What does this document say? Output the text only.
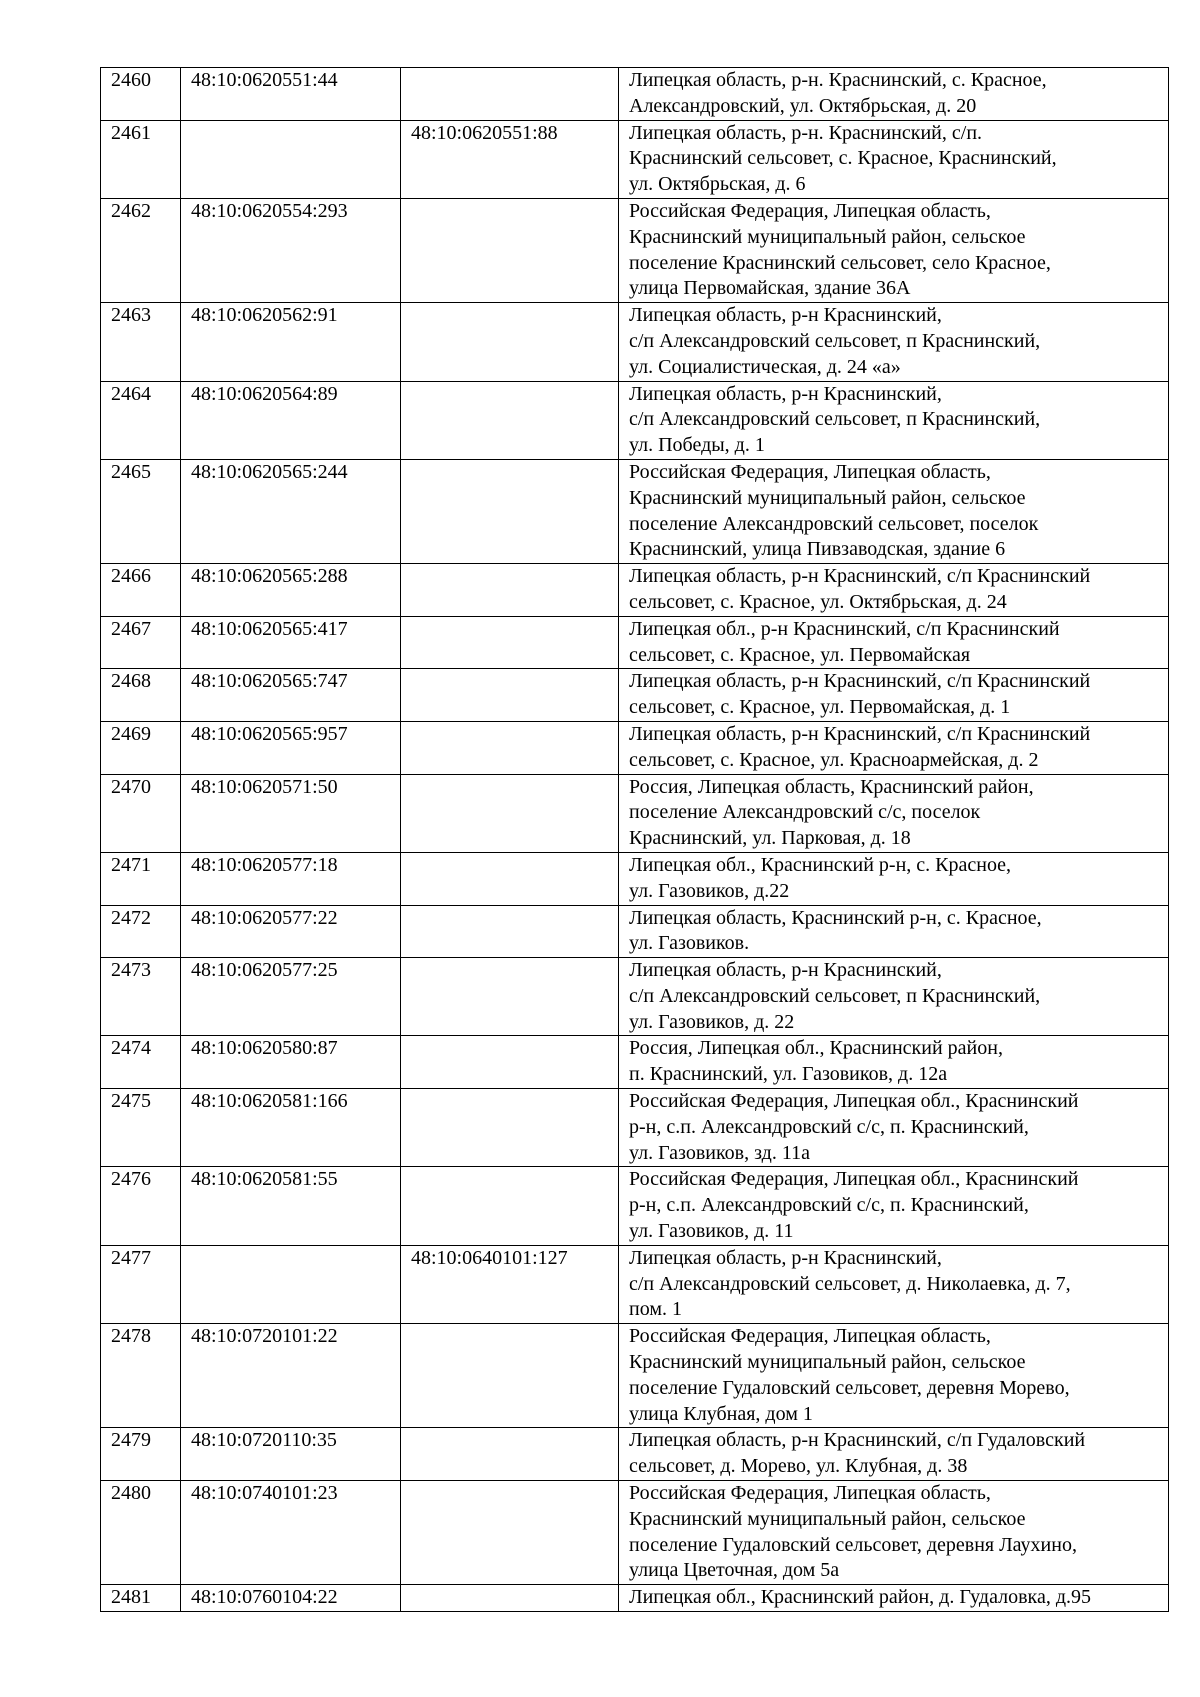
2460	48:10:0620551:44		Липецкая область, р-н. Краснинский, с. Красное,
Александровский, ул. Октябрьская, д. 20
2461		48:10:0620551:88	Липецкая область, р-н. Краснинский, с/п.
Краснинский сельсовет, с. Красное, Краснинский,
ул. Октябрьская, д. 6
2462	48:10:0620554:293		Российская Федерация, Липецкая область,
Краснинский муниципальный район, сельское
поселение Краснинский сельсовет, село Красное,
улица Первомайская, здание 36А
2463	48:10:0620562:91		Липецкая область, р-н Краснинский,
с/п Александровский сельсовет, п Краснинский,
ул. Социалистическая, д. 24 «а»
2464	48:10:0620564:89		Липецкая область, р-н Краснинский,
с/п Александровский сельсовет, п Краснинский,
ул. Победы, д. 1
2465	48:10:0620565:244		Российская Федерация, Липецкая область,
Краснинский муниципальный район, сельское
поселение Александровский сельсовет, поселок
Краснинский, улица Пивзаводская, здание 6
2466	48:10:0620565:288		Липецкая область, р-н Краснинский, с/п Краснинский
сельсовет, с. Красное, ул. Октябрьская, д. 24
2467	48:10:0620565:417		Липецкая обл., р-н Краснинский, с/п Краснинский
сельсовет, с. Красное, ул. Первомайская
2468	48:10:0620565:747		Липецкая область, р-н Краснинский, с/п Краснинский
сельсовет, с. Красное, ул. Первомайская, д. 1
2469	48:10:0620565:957		Липецкая область, р-н Краснинский, с/п Краснинский
сельсовет, с. Красное, ул. Красноармейская, д. 2
2470	48:10:0620571:50		Россия, Липецкая область, Краснинский район,
поселение Александровский с/с, поселок
Краснинский, ул. Парковая, д. 18
2471	48:10:0620577:18		Липецкая обл., Краснинский р-н, с. Красное,
ул. Газовиков, д.22
2472	48:10:0620577:22		Липецкая область, Краснинский р-н, с. Красное,
ул. Газовиков.
2473	48:10:0620577:25		Липецкая область, р-н Краснинский,
с/п Александровский сельсовет, п Краснинский,
ул. Газовиков, д. 22
2474	48:10:0620580:87		Россия, Липецкая обл., Краснинский район,
п. Краснинский, ул. Газовиков, д. 12а
2475	48:10:0620581:166		Российская Федерация, Липецкая обл., Краснинский
р-н, с.п. Александровский с/с, п. Краснинский,
ул. Газовиков, зд. 11а
2476	48:10:0620581:55		Российская Федерация, Липецкая обл., Краснинский
р-н, с.п. Александровский с/с, п. Краснинский,
ул. Газовиков, д. 11
2477		48:10:0640101:127	Липецкая область, р-н Краснинский,
с/п Александровский сельсовет, д. Николаевка, д. 7,
пом. 1
2478	48:10:0720101:22		Российская Федерация, Липецкая область,
Краснинский муниципальный район, сельское
поселение Гудаловский сельсовет, деревня Морево,
улица Клубная, дом 1
2479	48:10:0720110:35		Липецкая область, р-н Краснинский, с/п Гудаловский
сельсовет, д. Морево, ул. Клубная, д. 38
2480	48:10:0740101:23		Российская Федерация, Липецкая область,
Краснинский муниципальный район, сельское
поселение Гудаловский сельсовет, деревня Лаухино,
улица Цветочная, дом 5а
2481	48:10:0760104:22		Липецкая обл., Краснинский район, д. Гудаловка, д.95
